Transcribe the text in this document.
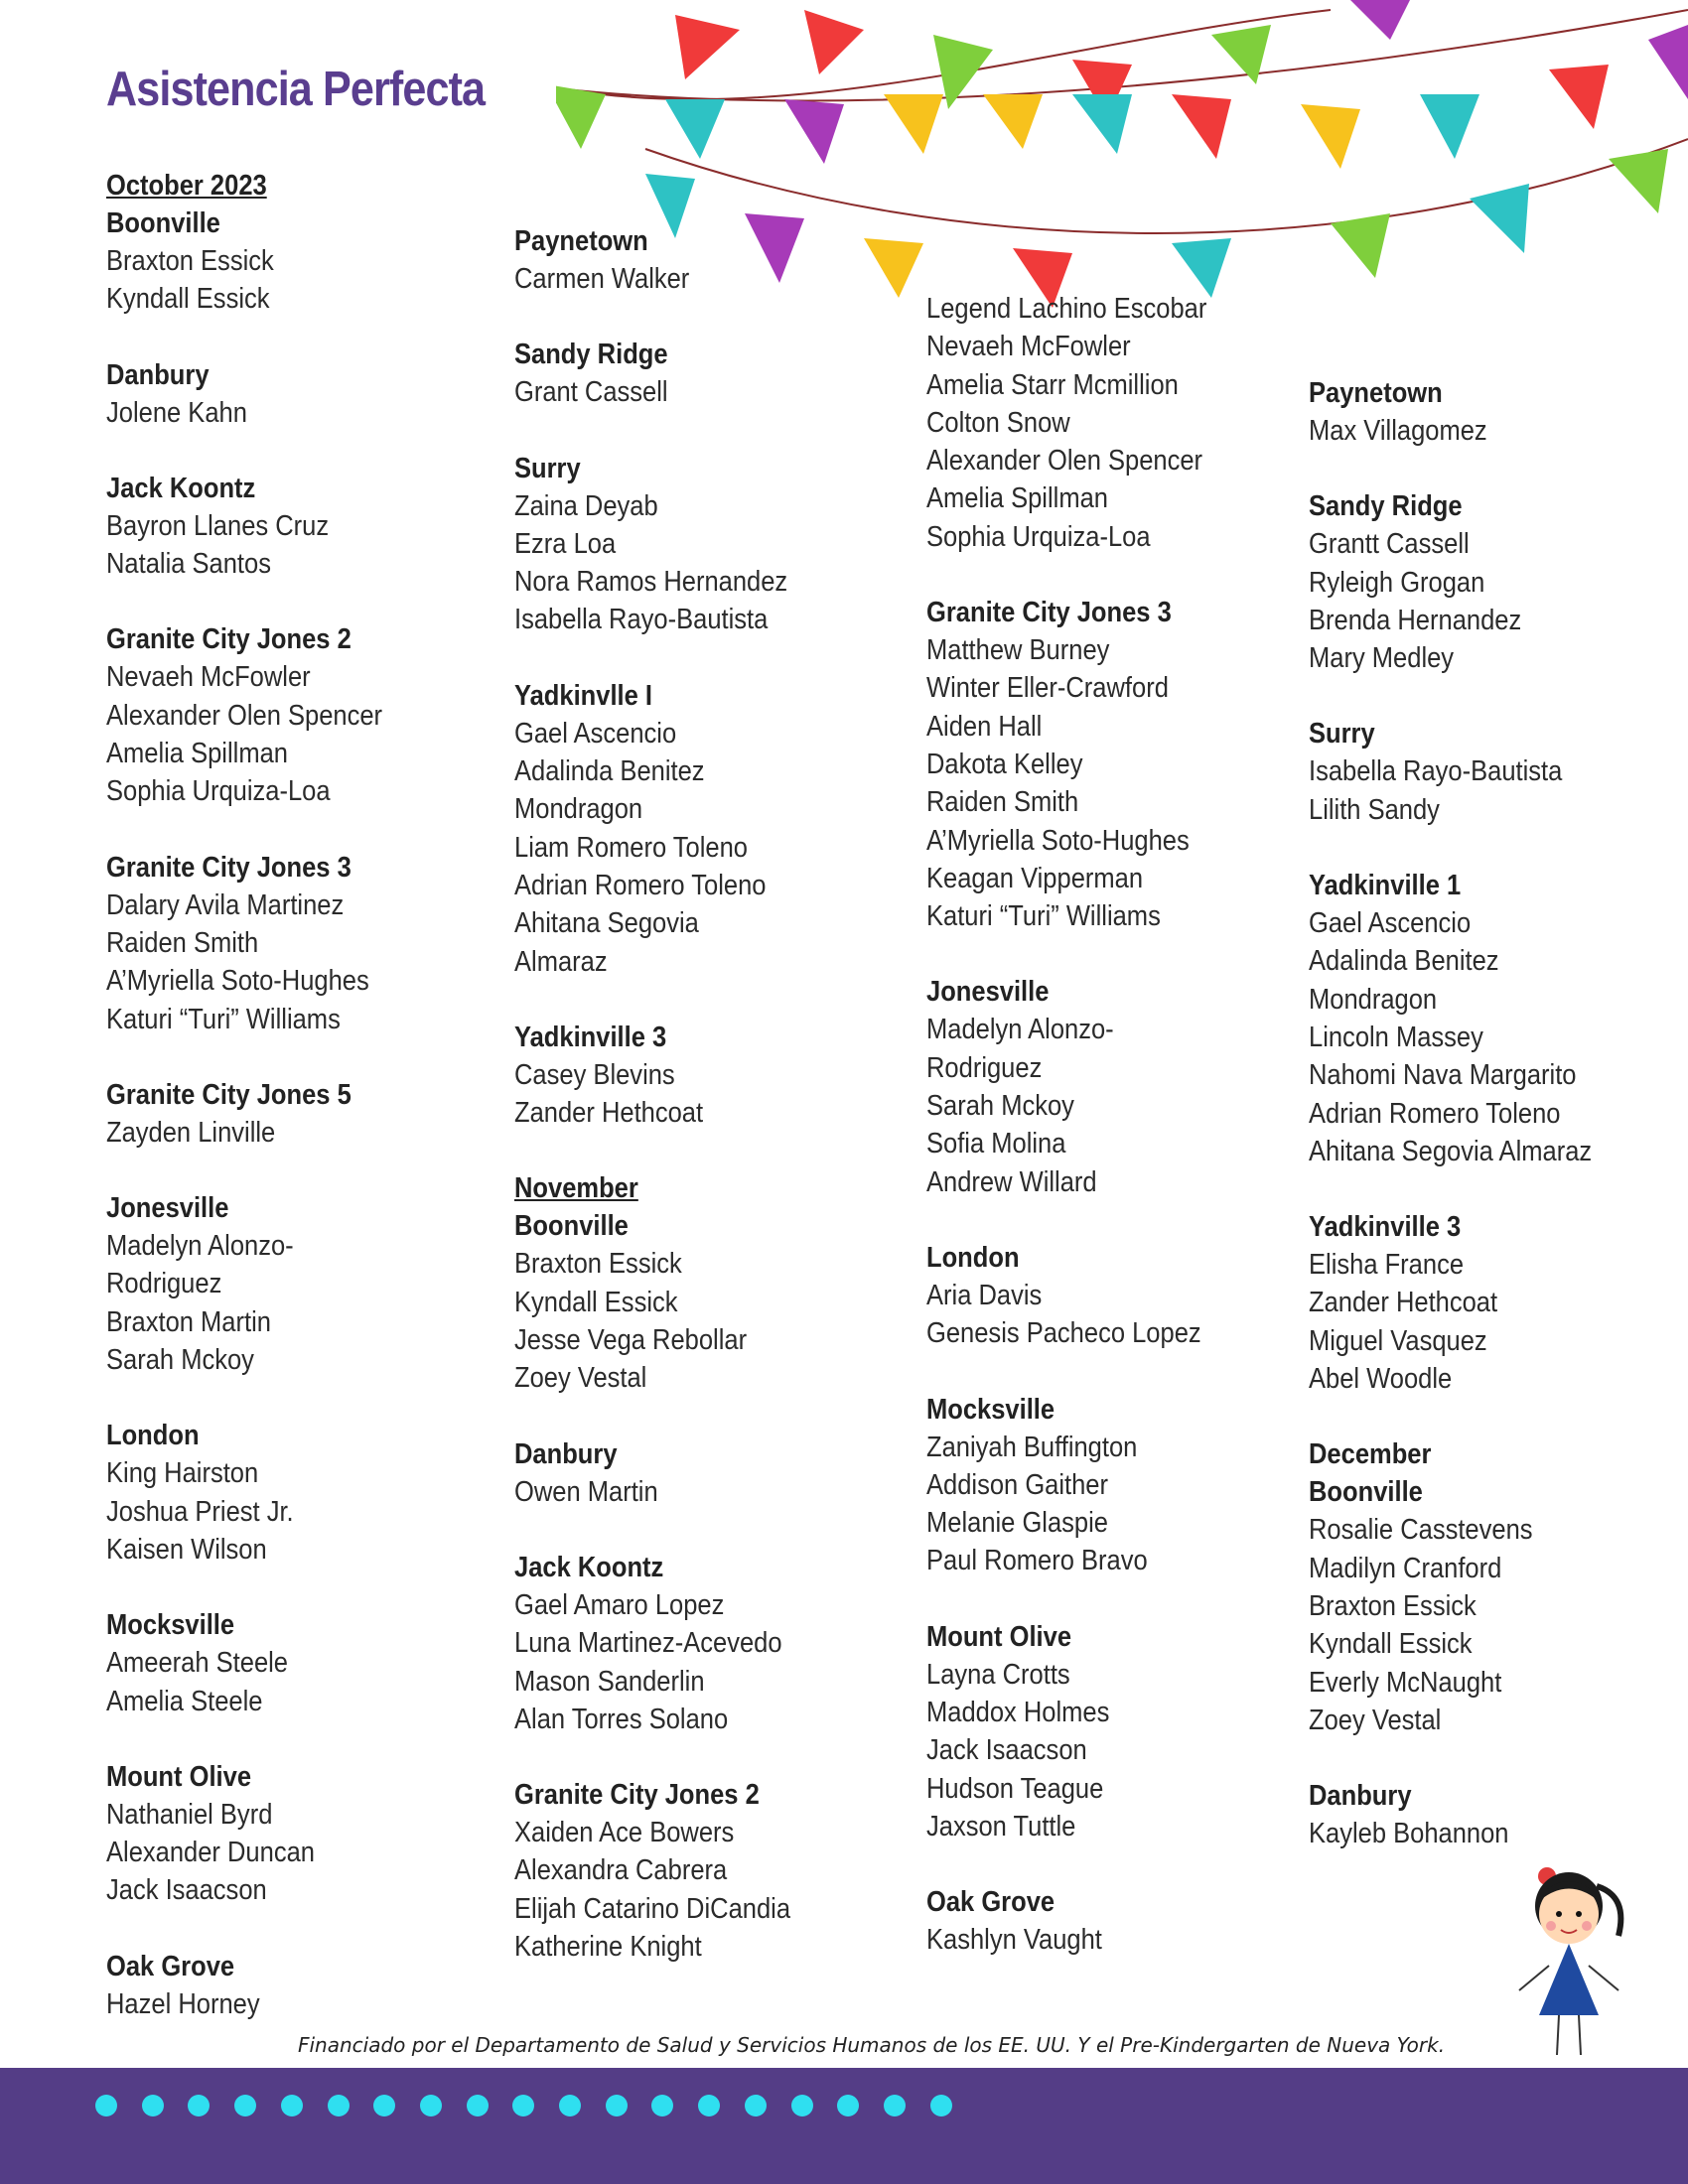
Asistencia Perfecta
October 2023
Boonville
Braxton Essick
Kyndall Essick
Danbury
Jolene Kahn
Jack Koontz
Bayron Llanes Cruz
Natalia Santos
Granite City Jones 2
Nevaeh McFowler
Alexander Olen Spencer
Amelia Spillman
Sophia Urquiza-Loa
Granite City Jones 3
Dalary Avila Martinez
Raiden Smith
A’Myriella Soto-Hughes
Katuri “Turi” Williams
Granite City Jones 5
Zayden Linville
Jonesville
Madelyn Alonzo-
Rodriguez
Braxton Martin
Sarah Mckoy
London
King Hairston
Joshua Priest Jr.
Kaisen Wilson
Mocksville
Ameerah Steele
Amelia Steele
Mount Olive
Nathaniel Byrd
Alexander Duncan
Jack Isaacson
Oak Grove
Hazel Horney
Paynetown
Carmen Walker
Sandy Ridge
Grant Cassell
Surry
Zaina Deyab
Ezra Loa
Nora Ramos Hernandez
Isabella Rayo-Bautista
Yadkinvlle I
Gael Ascencio
Adalinda Benitez
Mondragon
Liam Romero Toleno
Adrian Romero Toleno
Ahitana Segovia
Almaraz
Yadkinville 3
Casey Blevins
Zander Hethcoat
November
Boonville
Braxton Essick
Kyndall Essick
Jesse Vega Rebollar
Zoey Vestal
Danbury
Owen Martin
Jack Koontz
Gael Amaro Lopez
Luna Martinez-Acevedo
Mason Sanderlin
Alan Torres Solano
Granite City Jones 2
Xaiden Ace Bowers
Alexandra Cabrera
Elijah Catarino DiCandia
Katherine Knight
Legend Lachino Escobar
Nevaeh McFowler
Amelia Starr Mcmillion
Colton Snow
Alexander Olen Spencer
Amelia Spillman
Sophia Urquiza-Loa
Granite City Jones 3
Matthew Burney
Winter Eller-Crawford
Aiden Hall
Dakota Kelley
Raiden Smith
A’Myriella Soto-Hughes
Keagan Vipperman
Katuri “Turi” Williams
Jonesville
Madelyn Alonzo-
Rodriguez
Sarah Mckoy
Sofia Molina
Andrew Willard
London
Aria Davis
Genesis Pacheco Lopez
Mocksville
Zaniyah Buffington
Addison Gaither
Melanie Glaspie
Paul Romero Bravo
Mount Olive
Layna Crotts
Maddox Holmes
Jack Isaacson
Hudson Teague
Jaxson Tuttle
Oak Grove
Kashlyn Vaught
Paynetown
Max Villagomez
Sandy Ridge
Grantt Cassell
Ryleigh Grogan
Brenda Hernandez
Mary Medley
Surry
Isabella Rayo-Bautista
Lilith Sandy
Yadkinville 1
Gael Ascencio
Adalinda Benitez
Mondragon
Lincoln Massey
Nahomi Nava Margarito
Adrian Romero Toleno
Ahitana Segovia Almaraz
Yadkinville 3
Elisha France
Zander Hethcoat
Miguel Vasquez
Abel Woodle
December
Boonville
Rosalie Casstevens
Madilyn Cranford
Braxton Essick
Kyndall Essick
Everly McNaught
Zoey Vestal
Danbury
Kayleb Bohannon

Financiado por el Departamento de Salud y Servicios Humanos de los EE. UU. Y el Pre-Kindergarten de Nueva York.
